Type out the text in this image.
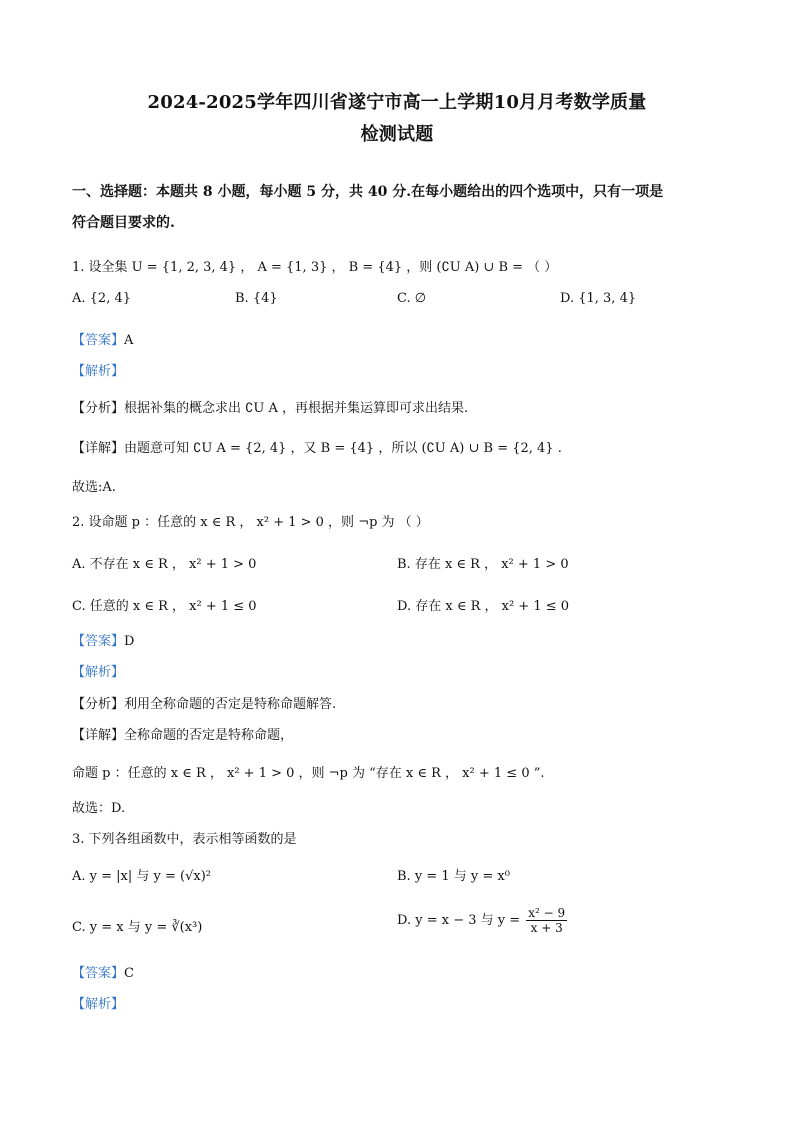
2024-2025学年四川省遂宁市高一上学期10月月考数学质量
检测试题
一、选择题：本题共 8 小题，每小题 5 分，共 40 分.在每小题给出的四个选项中，只有一项是
符合题目要求的.
1. 设全集 U = {1, 2, 3, 4} ， A = {1, 3} ， B = {4} ，则 (∁U A) ∪ B = （ ）
A. {2, 4}	B. {4}	C. ∅	D. {1, 3, 4}
【答案】A
【解析】
【分析】根据补集的概念求出 ∁U A ，再根据并集运算即可求出结果.
【详解】由题意可知 ∁U A = {2, 4} ，又 B = {4} ，所以 (∁U A) ∪ B = {2, 4} .
故选:A.
2. 设命题 p ：任意的 x ∈ R ， x² + 1 > 0 ，则 ¬p 为 （ ）
A. 不存在 x ∈ R ， x² + 1 > 0	B. 存在 x ∈ R ， x² + 1 > 0
C. 任意的 x ∈ R ， x² + 1 ≤ 0	D. 存在 x ∈ R ， x² + 1 ≤ 0
【答案】D
【解析】
【分析】利用全称命题的否定是特称命题解答.
【详解】全称命题的否定是特称命题，
命题 p ：任意的 x ∈ R ， x² + 1 > 0 ，则 ¬p 为 “存在 x ∈ R ， x² + 1 ≤ 0 ”.
故选：D.
3. 下列各组函数中，表示相等函数的是
A. y = |x| 与 y = (√x)²	B. y = 1 与 y = x⁰
C. y = x 与 y = ∛(x³)	D. y = x − 3 与 $y = \frac{\text{x² − 9}}{x + 3}$
【答案】C
【解析】
